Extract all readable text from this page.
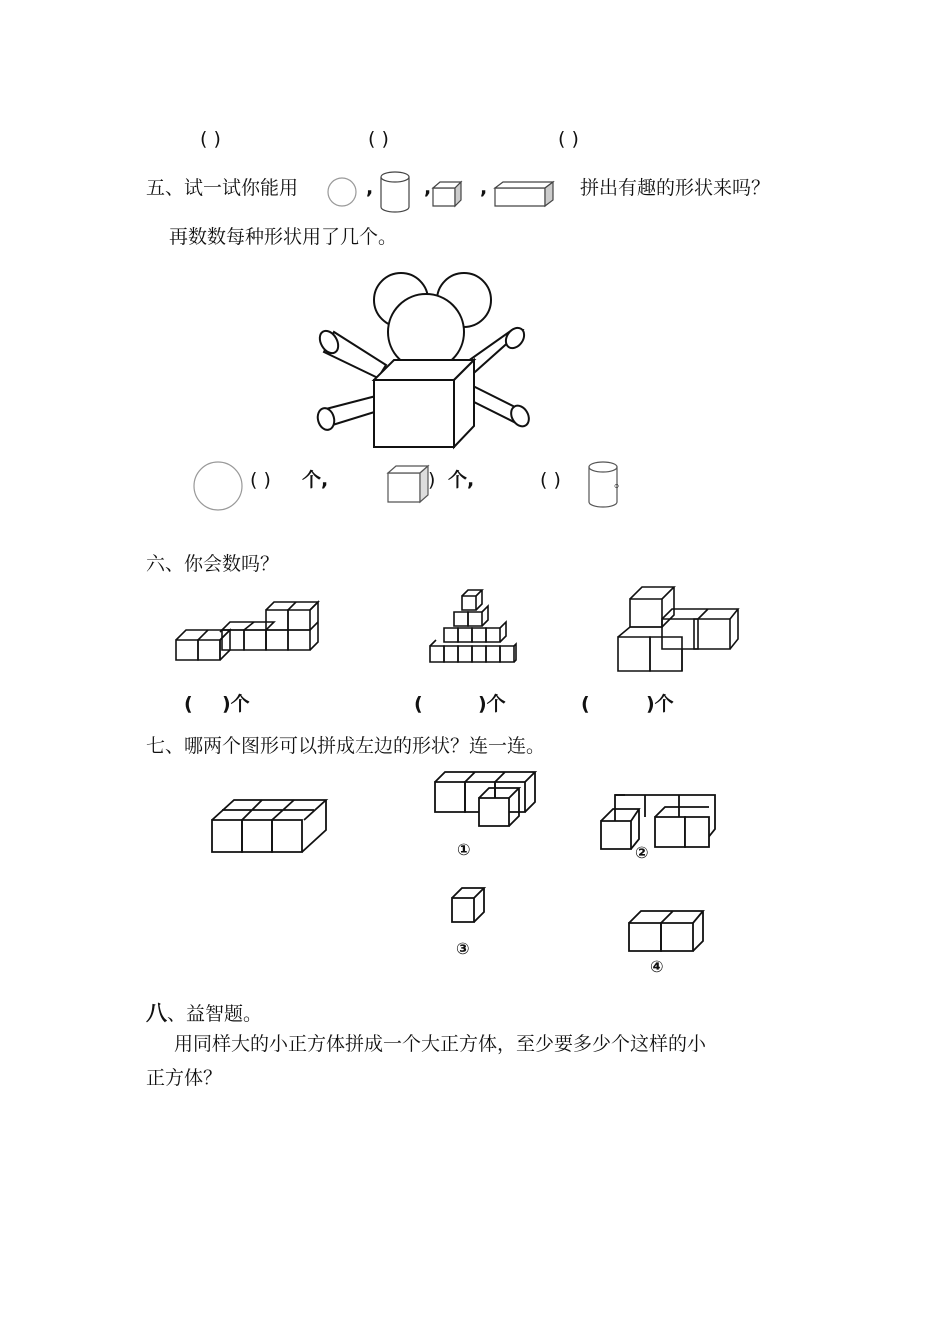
( )	( )	( )
五、试一试你能用	,	,	,	拼出有趣的形状来吗？
再数数每种形状用了几个。
( ) 个,	) 个,	( )	。
六、你会数吗？
( )个	(	)个	(	)个
七、哪两个图形可以拼成左边的形状？连一连。
①	②
③
④
八、益智题。
用同样大的小正方体拼成一个大正方体，至少要多少个这样的小
正方体？
